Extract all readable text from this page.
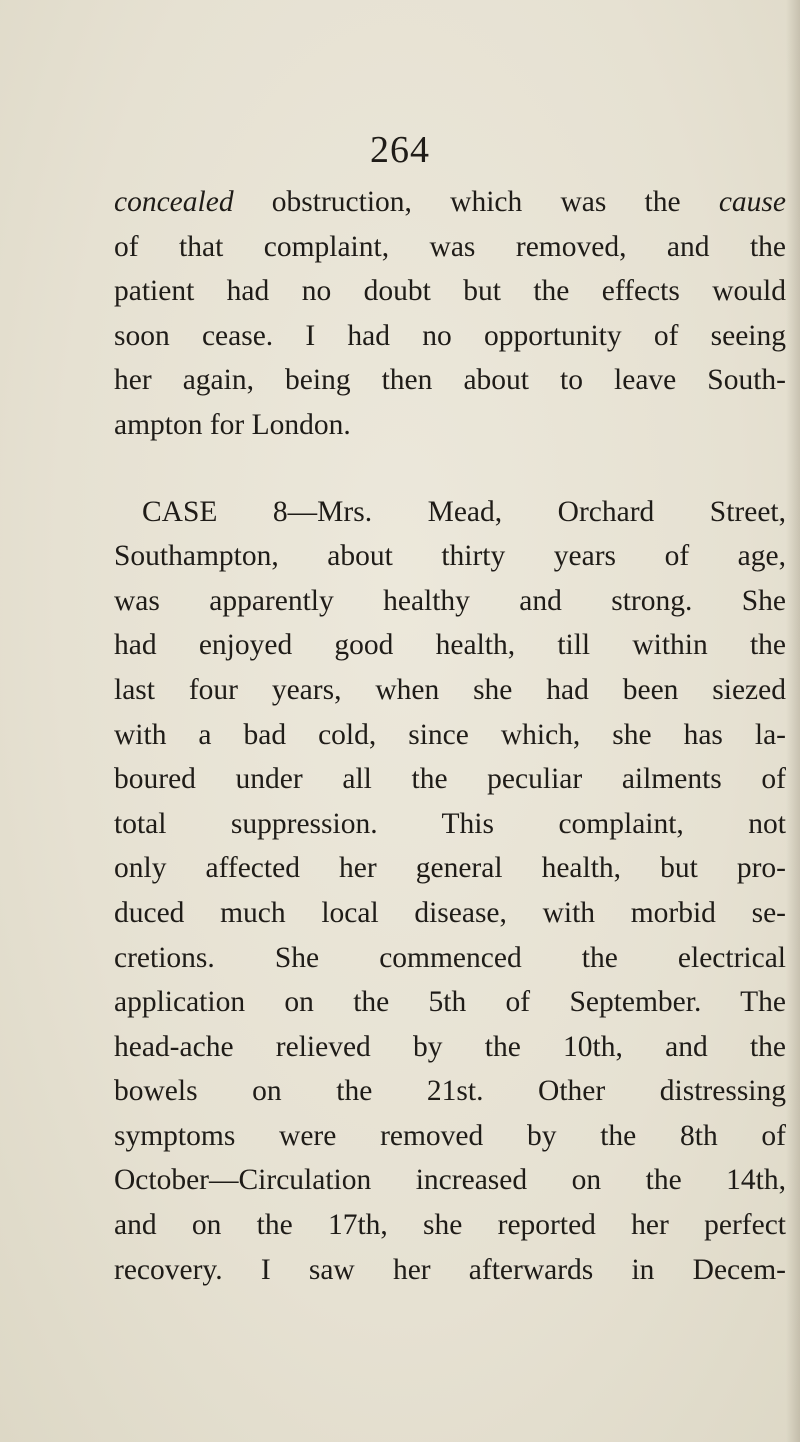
264
concealed obstruction, which was the cause
of that complaint, was removed, and the
patient had no doubt but the effects would
soon cease. I had no opportunity of seeing
her again, being then about to leave South-
ampton for London.
CASE 8—Mrs. Mead, Orchard Street,
Southampton, about thirty years of age,
was apparently healthy and strong. She
had enjoyed good health, till within the
last four years, when she had been siezed
with a bad cold, since which, she has la-
boured under all the peculiar ailments of
total suppression. This complaint, not
only affected her general health, but pro-
duced much local disease, with morbid se-
cretions. She commenced the electrical
application on the 5th of September. The
head-ache relieved by the 10th, and the
bowels on the 21st. Other distressing
symptoms were removed by the 8th of
October—Circulation increased on the 14th,
and on the 17th, she reported her perfect
recovery. I saw her afterwards in Decem-
